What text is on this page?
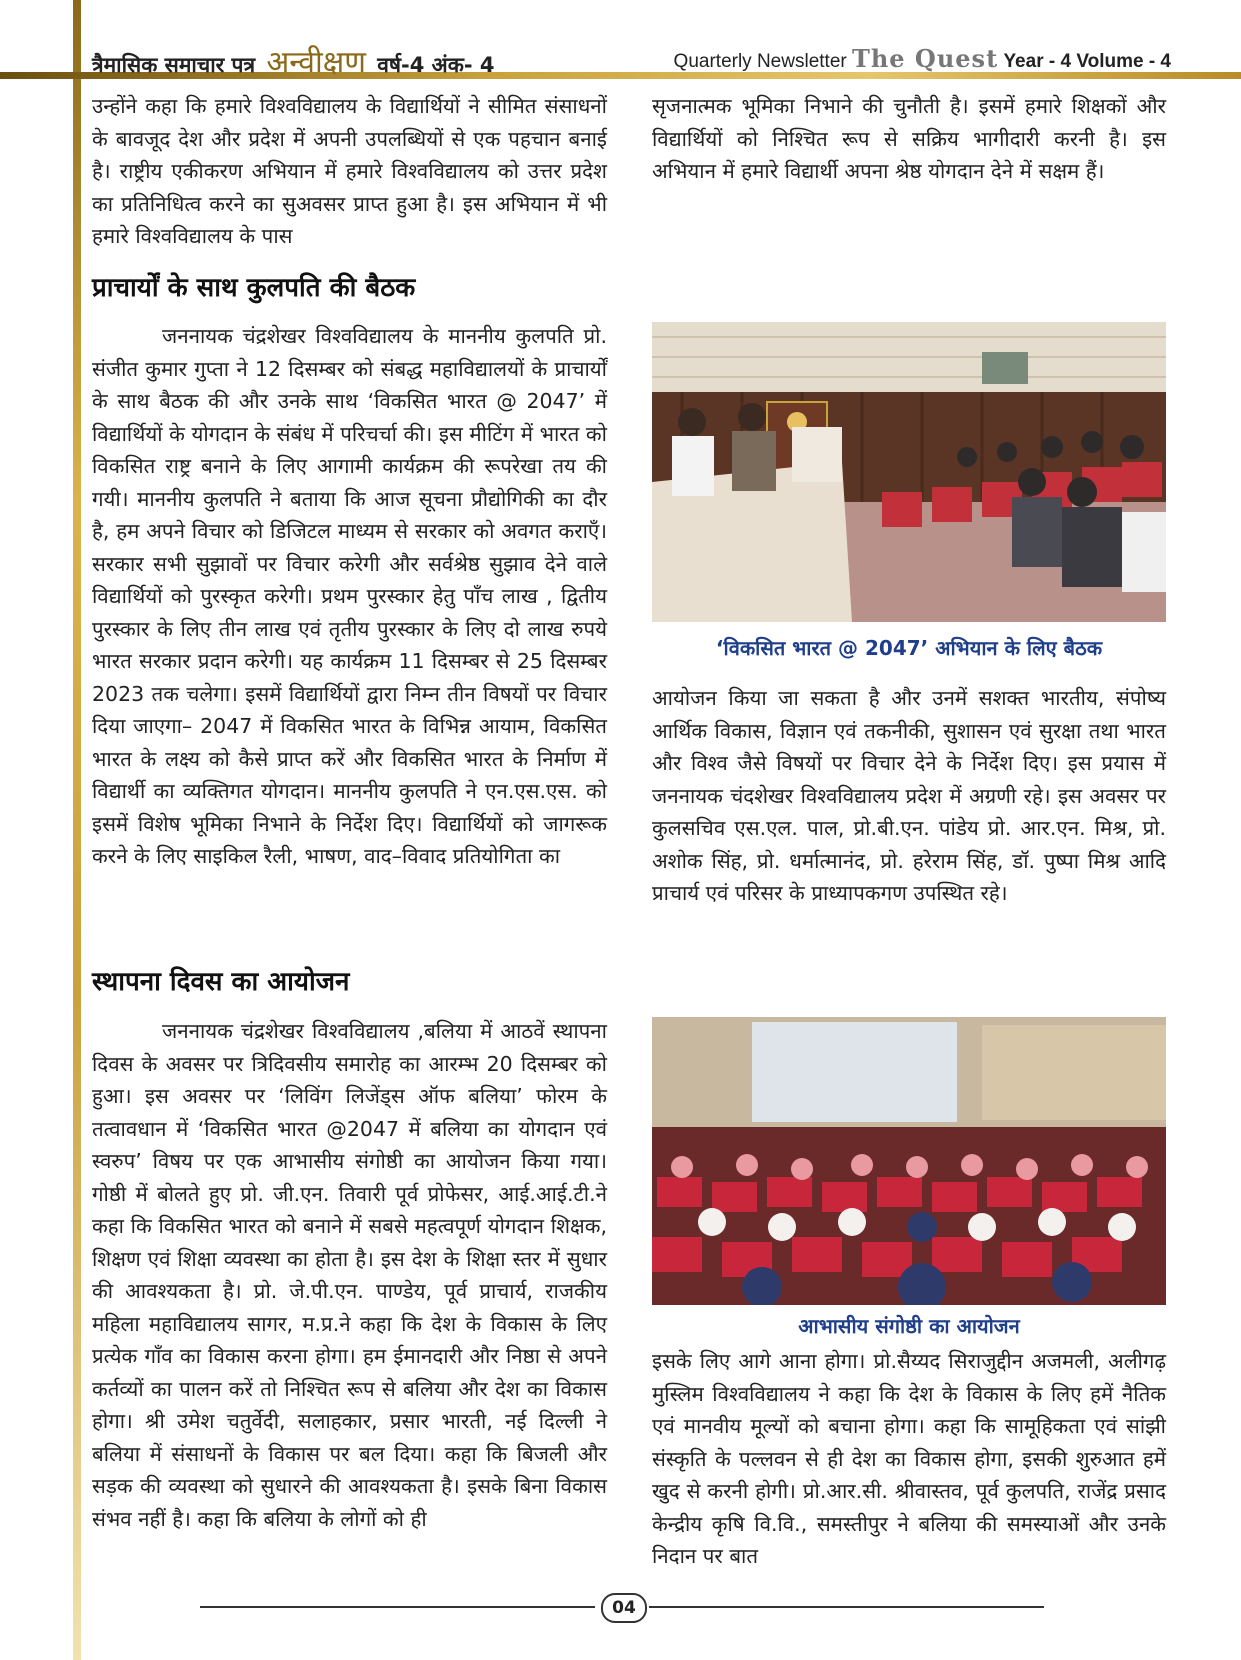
त्रैमासिक समाचार पत्र अन्वीक्षण वर्ष-4 अंक- 4	Quarterly Newsletter The Quest Year - 4 Volume - 4

उन्होंने कहा कि हमारे विश्वविद्यालय के विद्यार्थियों ने सीमित संसाधनों के बावजूद देश और प्रदेश में अपनी उपलब्धियों से एक पहचान बनाई है। राष्ट्रीय एकीकरण अभियान में हमारे विश्वविद्यालय को उत्तर प्रदेश का प्रतिनिधित्व करने का सुअवसर प्राप्त हुआ है। इस अभियान में भी हमारे विश्वविद्यालय के पास

सृजनात्मक भूमिका निभाने की चुनौती है। इसमें हमारे शिक्षकों और विद्यार्थियों को निश्चित रूप से सक्रिय भागीदारी करनी है। इस अभियान में हमारे विद्यार्थी अपना श्रेष्ठ योगदान देने में सक्षम हैं।

प्राचार्यों के साथ कुलपति की बैठक

जननायक चंद्रशेखर विश्वविद्यालय के माननीय कुलपति प्रो. संजीत कुमार गुप्ता ने 12 दिसम्बर को संबद्ध महाविद्यालयों के प्राचार्यों के साथ बैठक की और उनके साथ ‘विकसित भारत @ 2047’ में विद्यार्थियों के योगदान के संबंध में परिचर्चा की। इस मीटिंग में भारत को विकसित राष्ट्र बनाने के लिए आगामी कार्यक्रम की रूपरेखा तय की गयी। माननीय कुलपति ने बताया कि आज सूचना प्रौद्योगिकी का दौर है, हम अपने विचार को डिजिटल माध्यम से सरकार को अवगत कराएँ। सरकार सभी सुझावों पर विचार करेगी और सर्वश्रेष्ठ सुझाव देने वाले विद्यार्थियों को पुरस्कृत करेगी। प्रथम पुरस्कार हेतु पाँच लाख , द्वितीय पुरस्कार के लिए तीन लाख एवं तृतीय पुरस्कार के लिए दो लाख रुपये भारत सरकार प्रदान करेगी। यह कार्यक्रम 11 दिसम्बर से 25 दिसम्बर 2023 तक चलेगा। इसमें विद्यार्थियों द्वारा निम्न तीन विषयों पर विचार दिया जाएगा– 2047 में विकसित भारत के विभिन्न आयाम, विकसित भारत के लक्ष्य को कैसे प्राप्त करें और विकसित भारत के निर्माण में विद्यार्थी का व्यक्तिगत योगदान। माननीय कुलपति ने एन.एस.एस. को इसमें विशेष भूमिका निभाने के निर्देश दिए। विद्यार्थियों को जागरूक करने के लिए साइकिल रैली, भाषण, वाद–विवाद प्रतियोगिता का

‘विकसित भारत @ 2047’ अभियान के लिए बैठक

आयोजन किया जा सकता है और उनमें सशक्त भारतीय, संपोष्य आर्थिक विकास, विज्ञान एवं तकनीकी, सुशासन एवं सुरक्षा तथा भारत और विश्व जैसे विषयों पर विचार देने के निर्देश दिए। इस प्रयास में जननायक चंदशेखर विश्वविद्यालय प्रदेश में अग्रणी रहे। इस अवसर पर कुलसचिव एस.एल. पाल, प्रो.बी.एन. पांडेय प्रो. आर.एन. मिश्र, प्रो. अशोक सिंह, प्रो. धर्मात्मानंद, प्रो. हरेराम सिंह, डॉ. पुष्पा मिश्र आदि प्राचार्य एवं परिसर के प्राध्यापकगण उपस्थित रहे।

स्थापना दिवस का आयोजन

जननायक चंद्रशेखर विश्वविद्यालय ,बलिया में आठवें स्थापना दिवस के अवसर पर त्रिदिवसीय समारोह का आरम्भ 20 दिसम्बर को हुआ। इस अवसर पर ‘लिविंग लिजेंड्स ऑफ बलिया’ फोरम के तत्वावधान में ‘विकसित भारत @2047 में बलिया का योगदान एवं स्वरुप’ विषय पर एक आभासीय संगोष्ठी का आयोजन किया गया। गोष्ठी में बोलते हुए प्रो. जी.एन. तिवारी पूर्व प्रोफेसर, आई.आई.टी.ने कहा कि विकसित भारत को बनाने में सबसे महत्वपूर्ण योगदान शिक्षक, शिक्षण एवं शिक्षा व्यवस्था का होता है। इस देश के शिक्षा स्तर में सुधार की आवश्यकता है। प्रो. जे.पी.एन. पाण्डेय, पूर्व प्राचार्य, राजकीय महिला महाविद्यालय सागर, म.प्र.ने कहा कि देश के विकास के लिए प्रत्येक गाँव का विकास करना होगा। हम ईमानदारी और निष्ठा से अपने कर्तव्यों का पालन करें तो निश्चित रूप से बलिया और देश का विकास होगा। श्री उमेश चतुर्वेदी, सलाहकार, प्रसार भारती, नई दिल्ली ने बलिया में संसाधनों के विकास पर बल दिया। कहा कि बिजली और सड़क की व्यवस्था को सुधारने की आवश्यकता है। इसके बिना विकास संभव नहीं है। कहा कि बलिया के लोगों को ही

आभासीय संगोष्ठी का आयोजन

इसके लिए आगे आना होगा। प्रो.सैय्यद सिराजुद्दीन अजमली, अलीगढ़ मुस्लिम विश्वविद्यालय ने कहा कि देश के विकास के लिए हमें नैतिक एवं मानवीय मूल्यों को बचाना होगा। कहा कि सामूहिकता एवं सांझी संस्कृति के पल्लवन से ही देश का विकास होगा, इसकी शुरुआत हमें खुद से करनी होगी। प्रो.आर.सी. श्रीवास्तव, पूर्व कुलपति, राजेंद्र प्रसाद केन्द्रीय कृषि वि.वि., समस्तीपुर ने बलिया की समस्याओं और उनके निदान पर बात

04
